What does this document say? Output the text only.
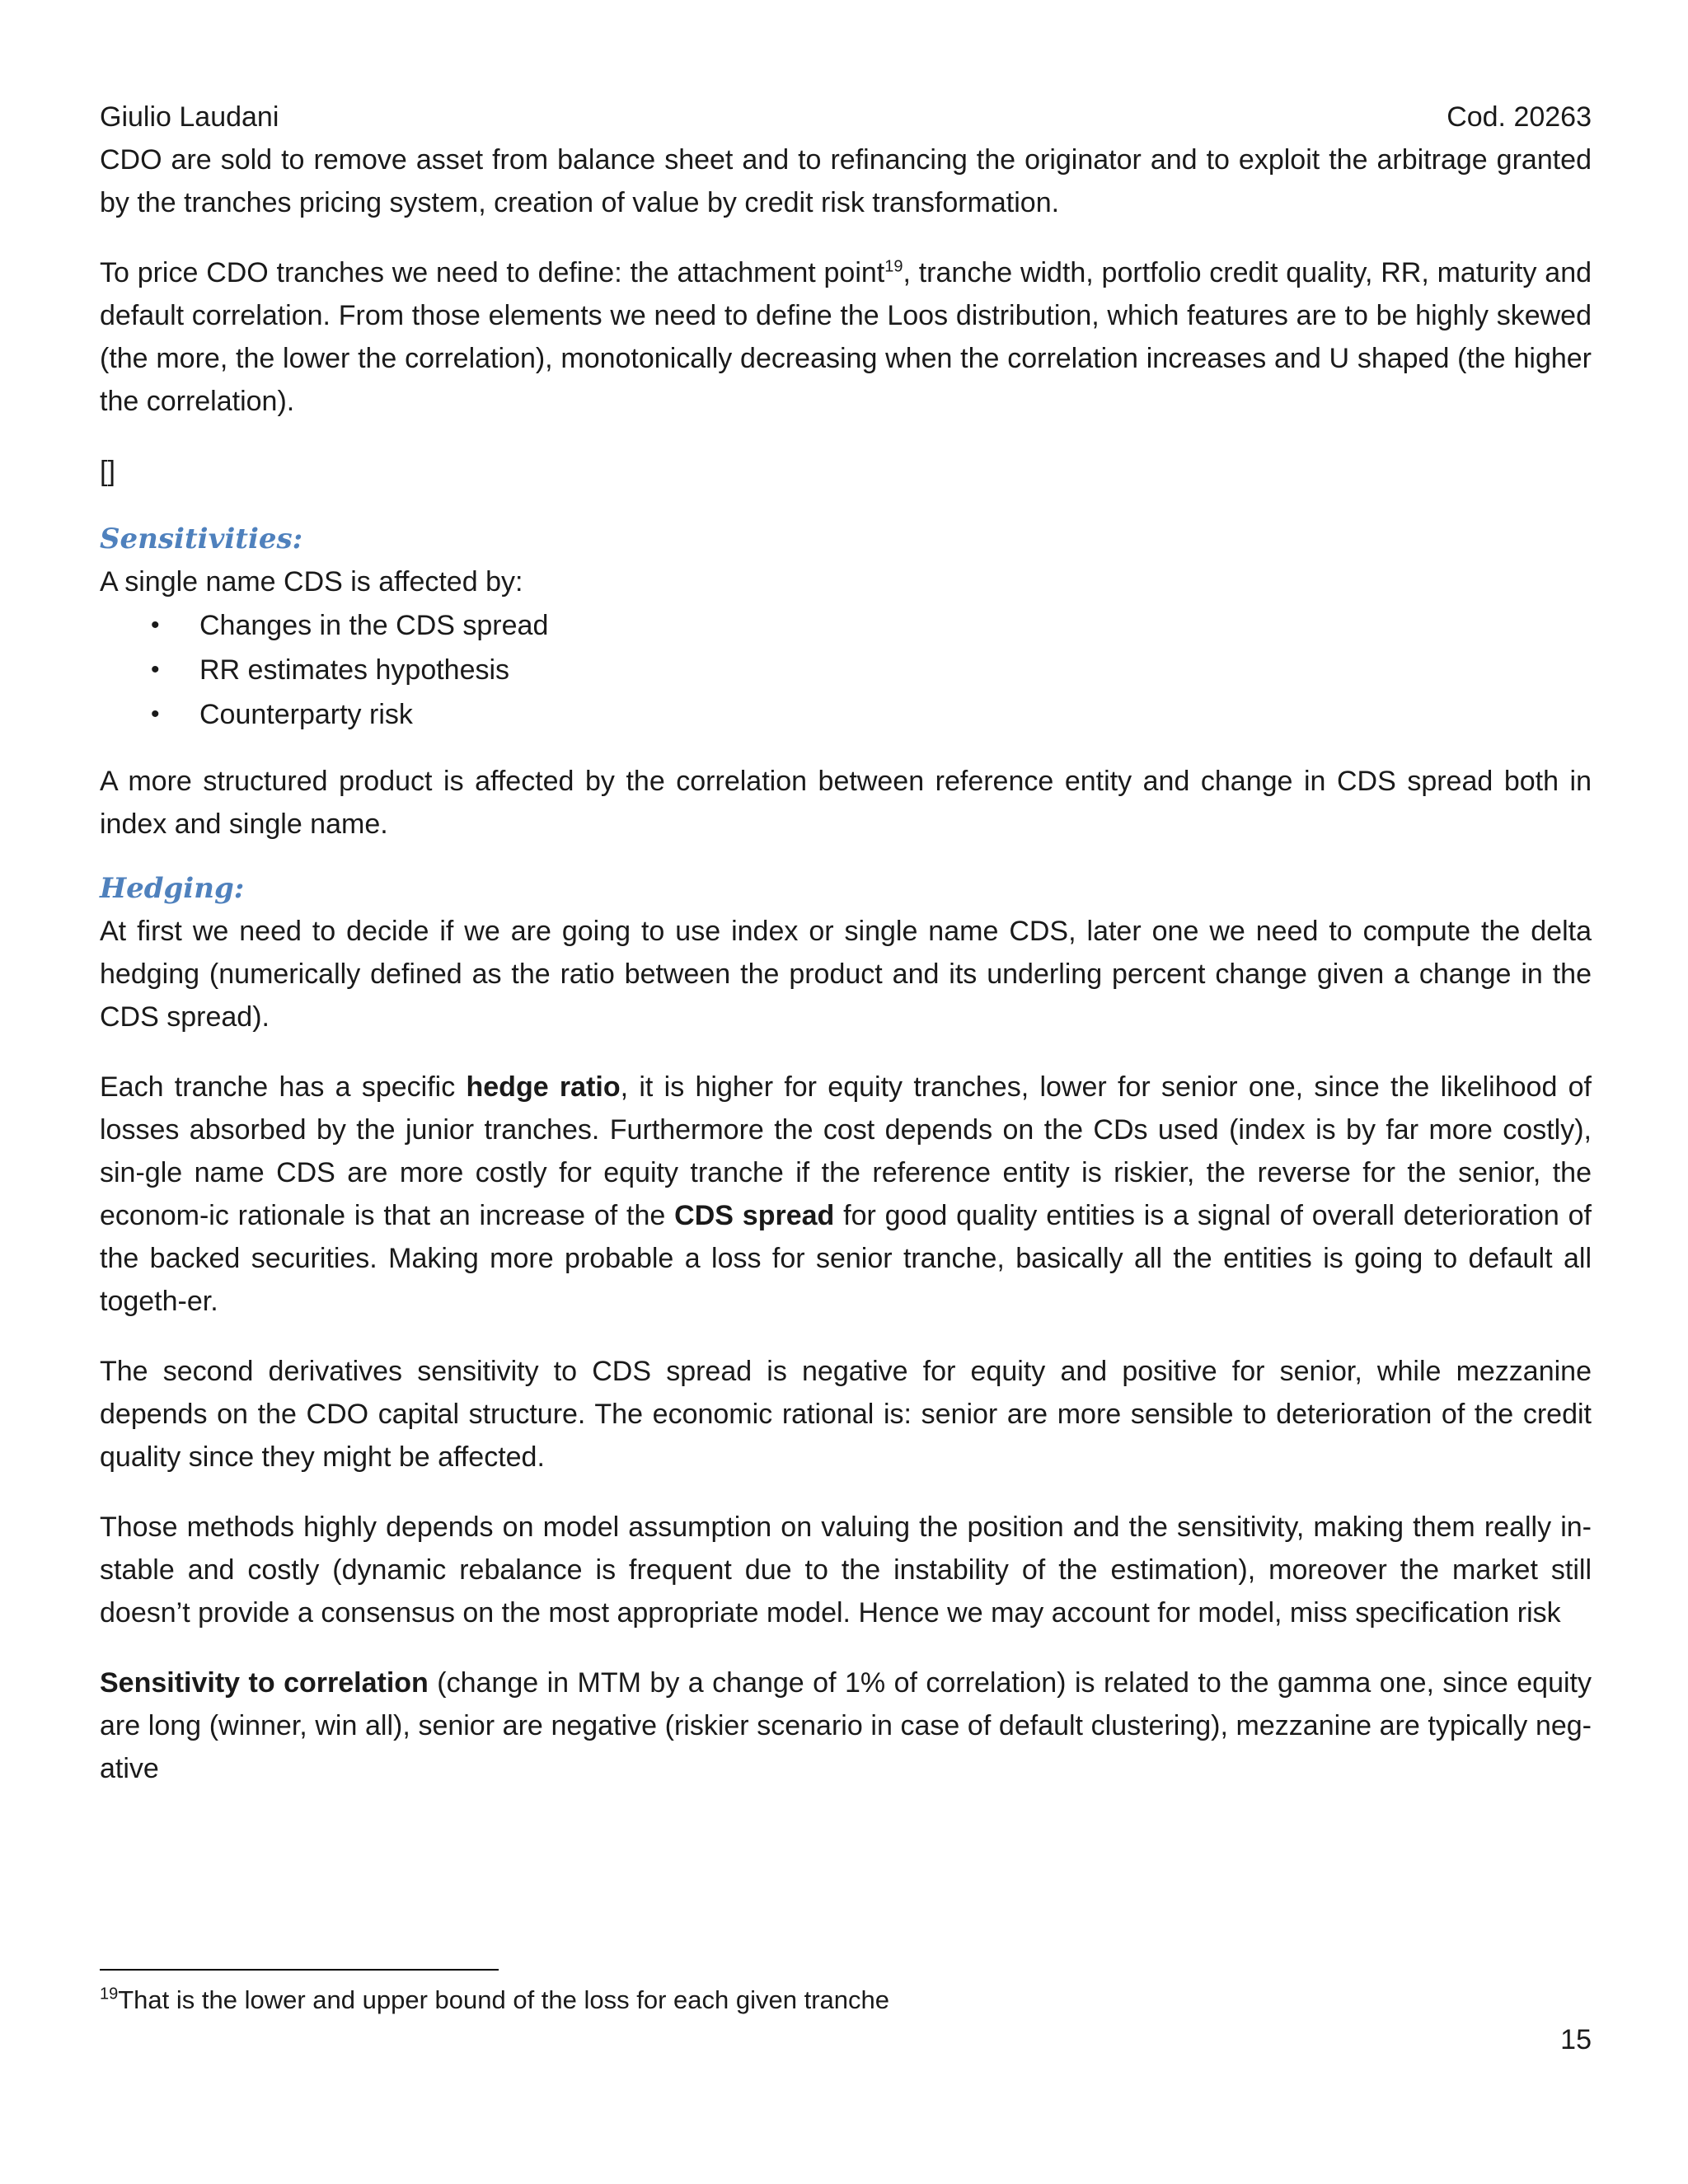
Giulio Laudani	Cod. 20263

CDO are sold to remove asset from balance sheet and to refinancing the originator and to exploit the arbitrage granted by the tranches pricing system, creation of value by credit risk transformation.

To price CDO tranches we need to define: the attachment point$^{19}$, tranche width, portfolio credit quality, RR, maturity and default correlation. From those elements we need to define the Loos distribution, which features are to be highly skewed (the more, the lower the correlation), monotonically decreasing when the correlation increases and U shaped (the higher the correlation).

[]

Sensitivities:

A single name CDS is affected by:

• Changes in the CDS spread
• RR estimates hypothesis
• Counterparty risk

A more structured product is affected by the correlation between reference entity and change in CDS spread both in index and single name.

Hedging:

At first we need to decide if we are going to use index or single name CDS, later one we need to compute the delta hedging (numerically defined as the ratio between the product and its underling percent change given a change in the CDS spread).

Each tranche has a specific hedge ratio, it is higher for equity tranches, lower for senior one, since the likelihood of losses absorbed by the junior tranches. Furthermore the cost depends on the CDs used (index is by far more costly), sin-gle name CDS are more costly for equity tranche if the reference entity is riskier, the reverse for the senior, the econom-ic rationale is that an increase of the CDS spread for good quality entities is a signal of overall deterioration of the backed securities. Making more probable a loss for senior tranche, basically all the entities is going to default all togeth-er.

The second derivatives sensitivity to CDS spread is negative for equity and positive for senior, while mezzanine depends on the CDO capital structure. The economic rational is: senior are more sensible to deterioration of the credit quality since they might be affected.

Those methods highly depends on model assumption on valuing the position and the sensitivity, making them really in-stable and costly (dynamic rebalance is frequent due to the instability of the estimation), moreover the market still doesn’t provide a consensus on the most appropriate model. Hence we may account for model, miss specification risk

Sensitivity to correlation (change in MTM by a change of 1% of correlation) is related to the gamma one, since equity are long (winner, win all), senior are negative (riskier scenario in case of default clustering), mezzanine are typically neg-ative

$^{19}$That is the lower and upper bound of the loss for each given tranche
15
